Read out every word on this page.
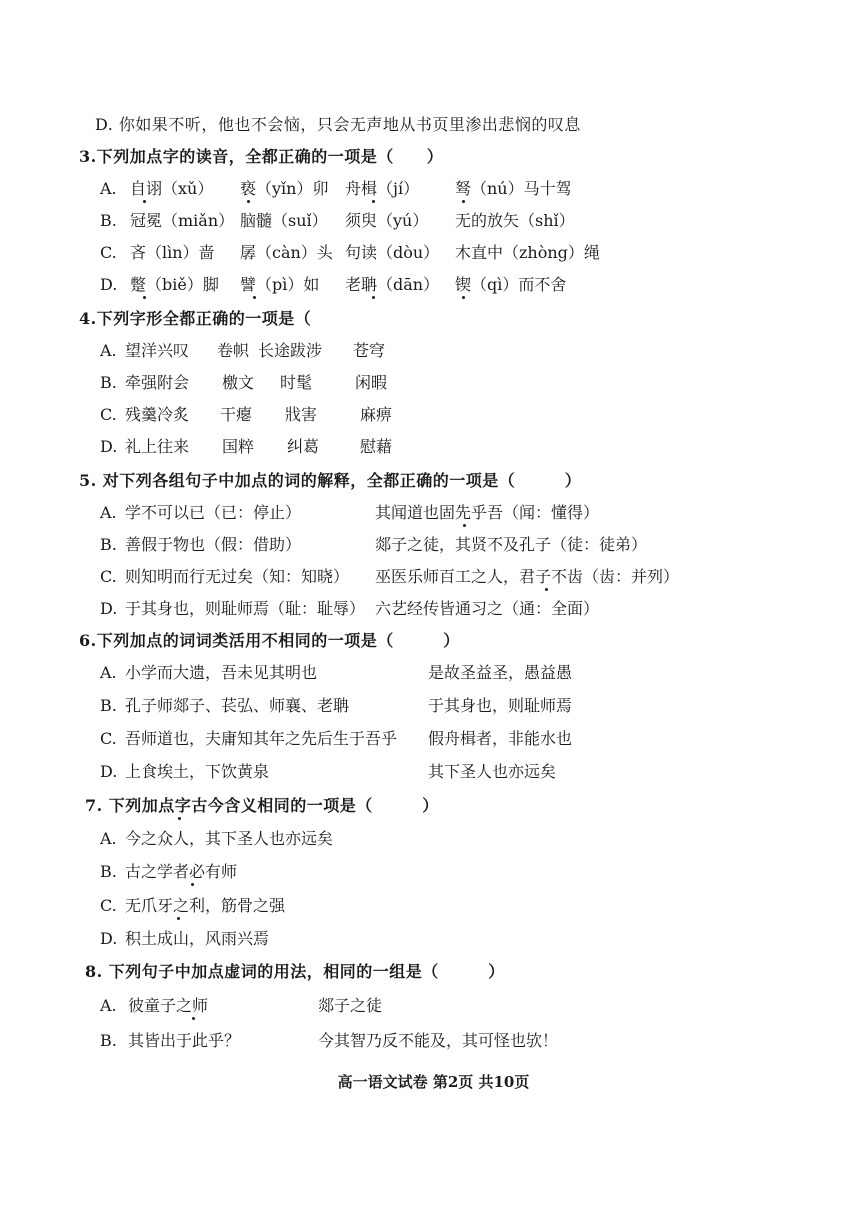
D. 你如果不听，他也不会恼，只会无声地从书页里渗出悲悯的叹息
3.下列加点字的读音，全都正确的一项是（　　）
A. 自诩（xǔ） 亵（yǐn）卯 舟楫（jí） 驽（nú）马十驾
B. 冠冕（miǎn） 脑髓（suǐ） 须臾（yú） 无的放矢（shǐ）
C. 吝（lìn）啬 孱（càn）头 句读（dòu） 木直中（zhòng）绳
D. 蹩（biě）脚 譬（pì）如 老聃（dān） 锲（qì）而不舍
4.下列字形全都正确的一项是（
A. 望洋兴叹 卷帜 长途跋涉 苍穹
B. 牵强附会 檄文 时髦	闲暇
C. 残羹冷炙 干瘪 戕害	麻痹
D. 礼上往来 国粹 纠葛	慰藉
5. 对下列各组句子中加点的词的解释，全都正确的一项是（　　　）
A. 学不可以已（已：停止）	其闻道也固先乎吾（闻：懂得）
B. 善假于物也（假：借助）	郯子之徒，其贤不及孔子（徒：徒弟）
C. 则知明而行无过矣（知：知晓） 巫医乐师百工之人，君子不齿（齿：并列）
D. 于其身也，则耻师焉（耻：耻辱） 六艺经传皆通习之（通：全面）
6.下列加点的词词类活用不相同的一项是（　　　）
A. 小学而大遗，吾未见其明也	是故圣益圣，愚益愚
B. 孔子师郯子、苌弘、师襄、老聃	于其身也，则耻师焉
C. 吾师道也，夫庸知其年之先后生于吾乎 假舟楫者，非能水也
D. 上食埃土，下饮黄泉	其下圣人也亦远矣
7. 下列加点字古今含义相同的一项是（　　　）
A. 今之众人，其下圣人也亦远矣
B. 古之学者必有师
C. 无爪牙之利，筋骨之强
D. 积土成山，风雨兴焉
8. 下列句子中加点虚词的用法，相同的一组是（　　　）
A. 彼童子之师	郯子之徒
B. 其皆出于此乎？	今其智乃反不能及，其可怪也欤！
高一语文试卷 第2页 共10页
